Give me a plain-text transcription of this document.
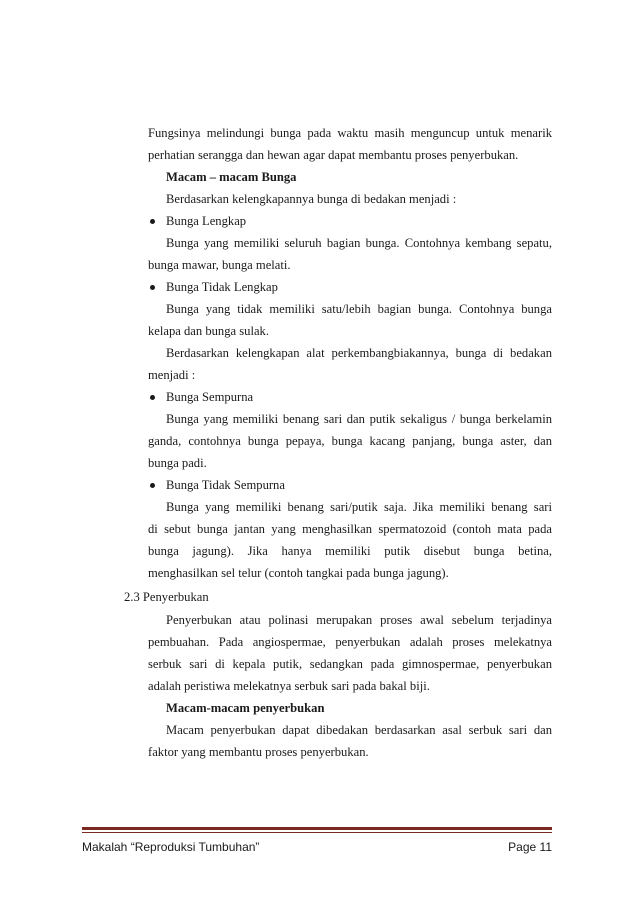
Fungsinya melindungi bunga pada waktu masih menguncup untuk menarik
perhatian serangga dan hewan agar dapat membantu proses penyerbukan.
Macam – macam Bunga
Berdasarkan kelengkapannya bunga di bedakan menjadi :
Bunga Lengkap
Bunga yang memiliki seluruh bagian bunga. Contohnya kembang sepatu,
bunga mawar, bunga melati.
Bunga Tidak Lengkap
Bunga yang tidak memiliki satu/lebih bagian bunga. Contohnya bunga
kelapa dan bunga sulak.
Berdasarkan kelengkapan alat perkembangbiakannya, bunga di bedakan
menjadi :
Bunga Sempurna
Bunga yang memiliki benang sari dan putik sekaligus / bunga berkelamin
ganda, contohnya bunga pepaya, bunga kacang panjang, bunga aster, dan
bunga padi.
Bunga Tidak Sempurna
Bunga yang memiliki benang sari/putik saja. Jika memiliki benang sari
di sebut bunga jantan yang menghasilkan spermatozoid (contoh mata pada
bunga jagung). Jika hanya memiliki putik disebut bunga betina,
menghasilkan sel telur (contoh tangkai pada bunga jagung).
2.3 Penyerbukan
Penyerbukan atau polinasi merupakan proses awal sebelum terjadinya
pembuahan. Pada angiospermae, penyerbukan adalah proses melekatnya
serbuk sari di kepala putik, sedangkan pada gimnospermae, penyerbukan
adalah peristiwa melekatnya serbuk sari pada bakal biji.
Macam-macam penyerbukan
Macam penyerbukan dapat dibedakan berdasarkan asal serbuk sari dan
faktor yang membantu proses penyerbukan.
Makalah “Reproduksi Tumbuhan”	Page 11
